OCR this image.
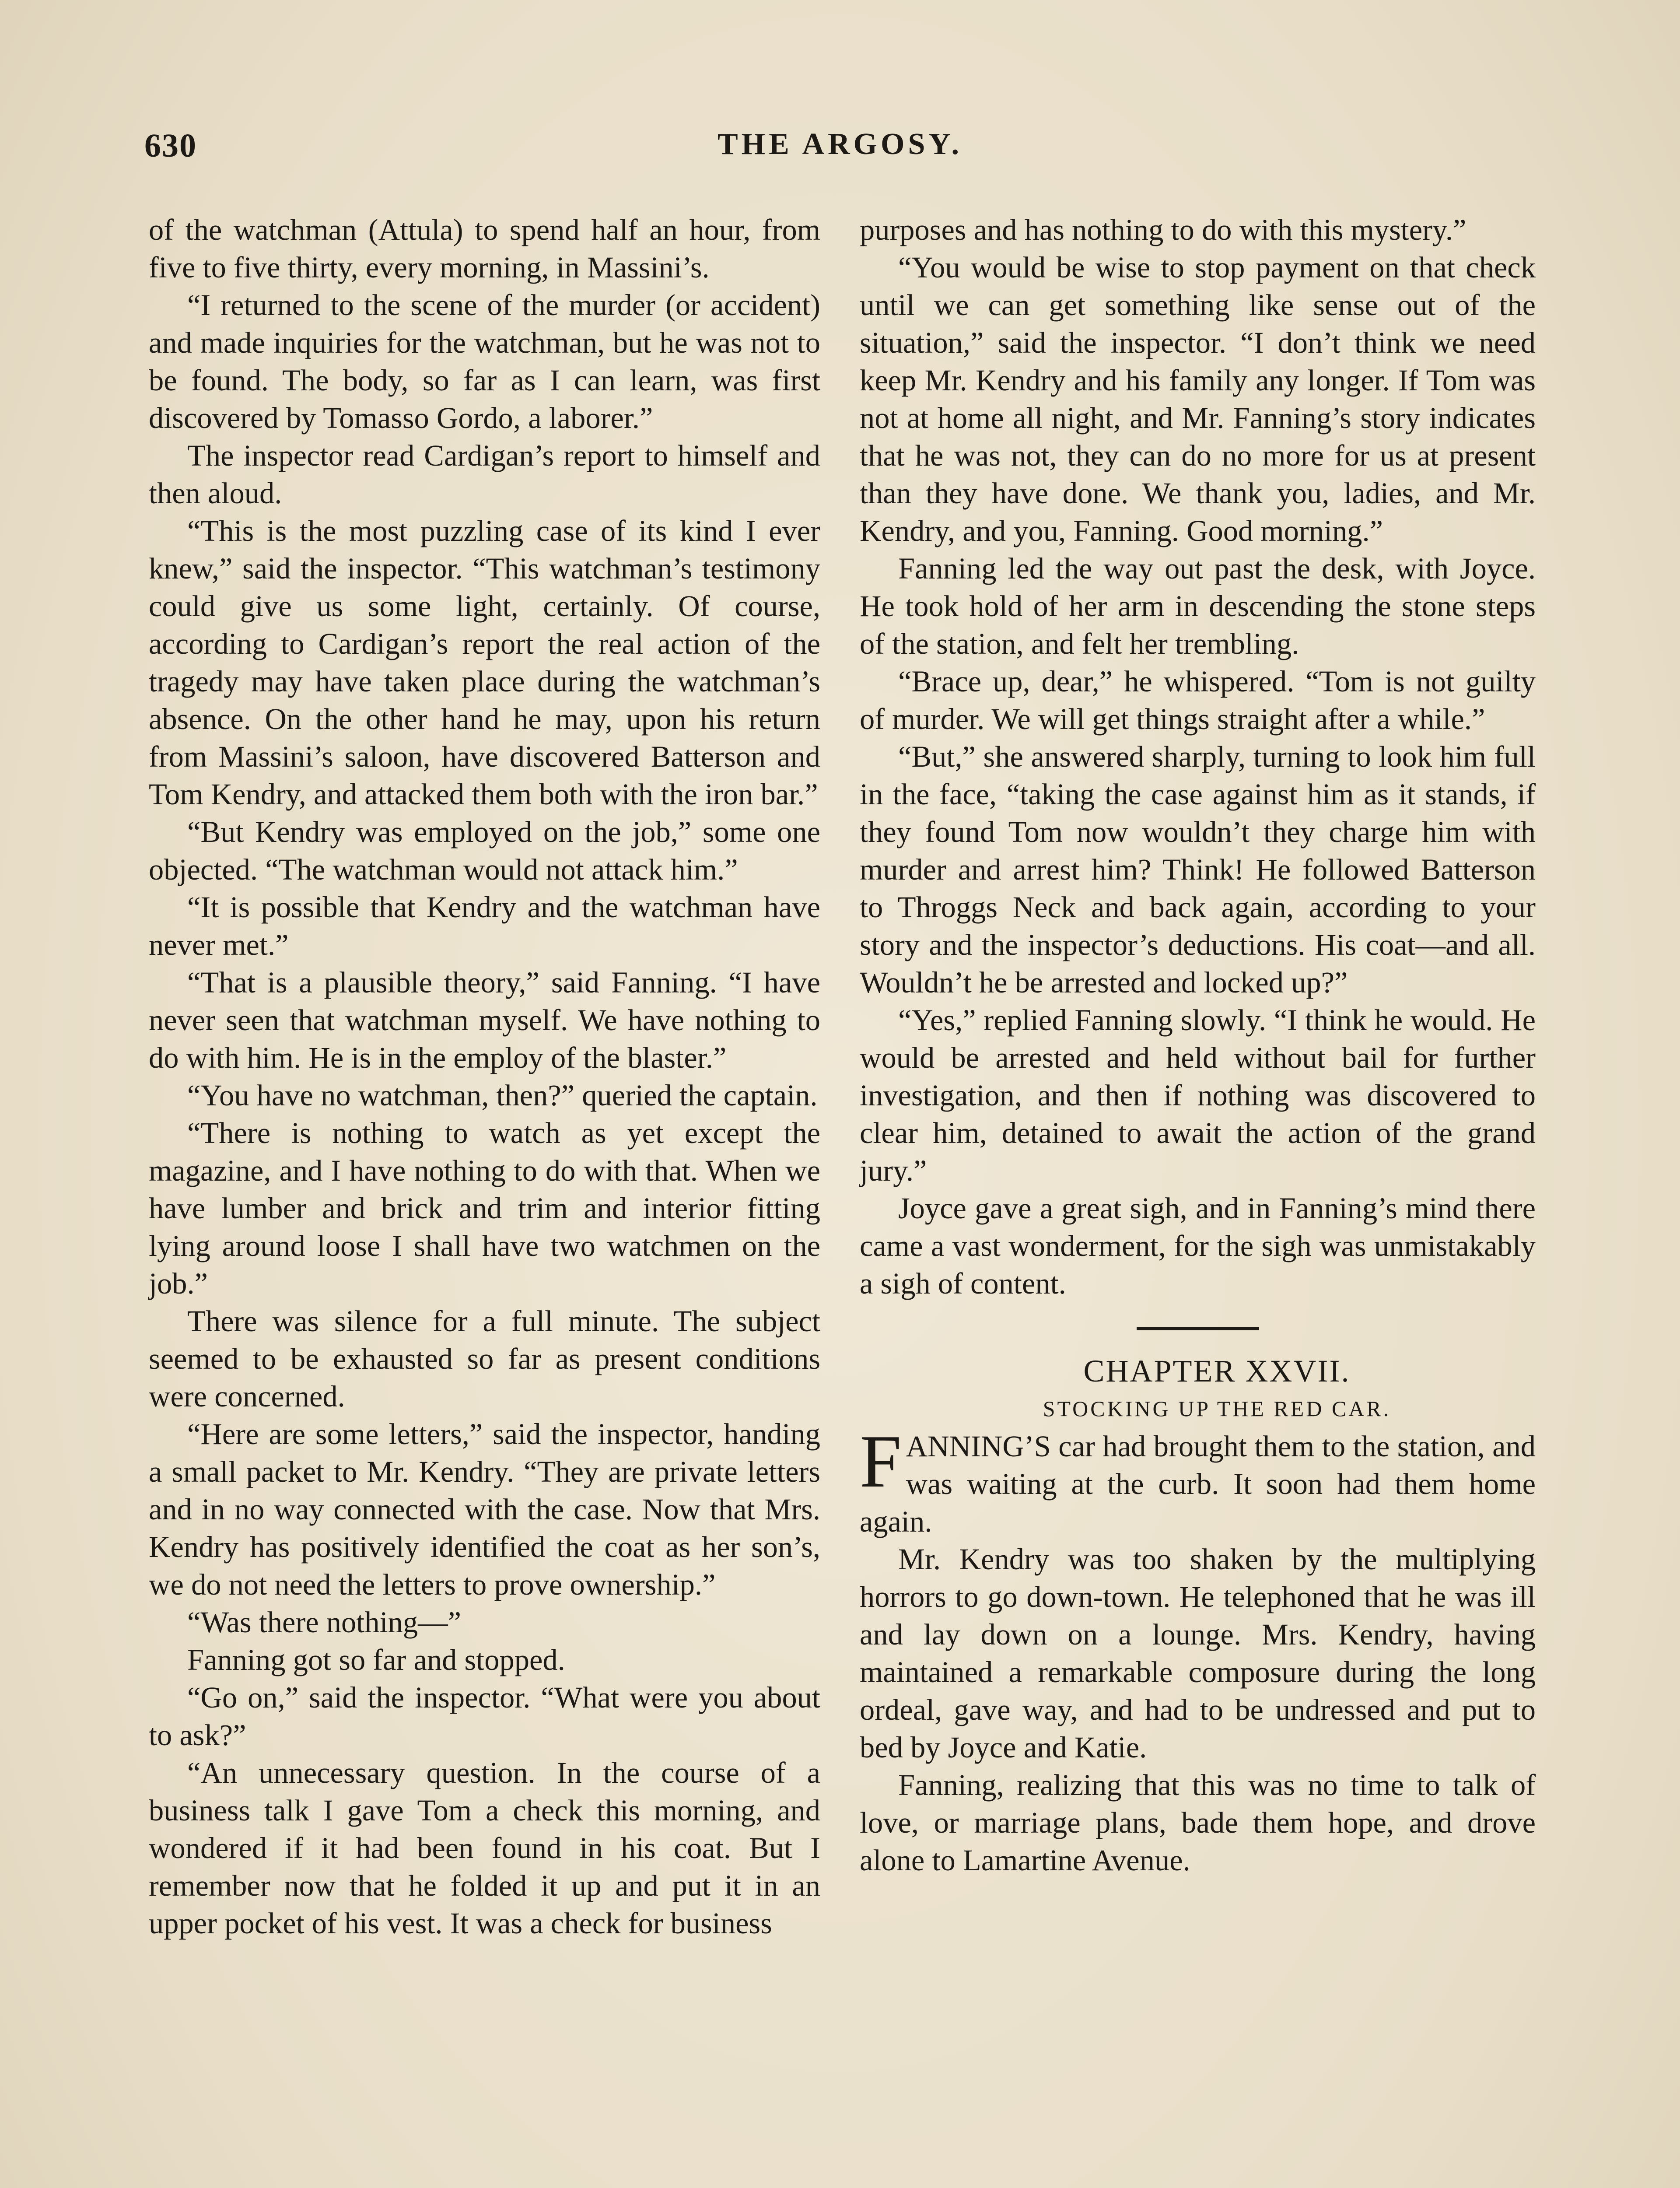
630	THE ARGOSY.

of the watchman (Attula) to spend half an hour, from five to five thirty, every morning, in Massini’s.

“I returned to the scene of the murder (or accident) and made inquiries for the watchman, but he was not to be found. The body, so far as I can learn, was first discovered by Tomasso Gordo, a laborer.”

The inspector read Cardigan’s report to himself and then aloud.

“This is the most puzzling case of its kind I ever knew,” said the inspector. “This watchman’s testimony could give us some light, certainly. Of course, according to Cardigan’s report the real action of the tragedy may have taken place during the watchman’s absence. On the other hand he may, upon his return from Massini’s saloon, have discovered Batterson and Tom Kendry, and attacked them both with the iron bar.”

“But Kendry was employed on the job,” some one objected. “The watchman would not attack him.”

“It is possible that Kendry and the watchman have never met.”

“That is a plausible theory,” said Fanning. “I have never seen that watchman myself. We have nothing to do with him. He is in the employ of the blaster.”

“You have no watchman, then?” queried the captain.

“There is nothing to watch as yet except the magazine, and I have nothing to do with that. When we have lumber and brick and trim and interior fitting lying around loose I shall have two watchmen on the job.”

There was silence for a full minute. The subject seemed to be exhausted so far as present conditions were concerned.

“Here are some letters,” said the inspector, handing a small packet to Mr. Kendry. “They are private letters and in no way connected with the case. Now that Mrs. Kendry has positively identified the coat as her son’s, we do not need the letters to prove ownership.”

“Was there nothing—”

Fanning got so far and stopped.

“Go on,” said the inspector. “What were you about to ask?”

“An unnecessary question. In the course of a business talk I gave Tom a check this morning, and wondered if it had been found in his coat. But I remember now that he folded it up and put it in an upper pocket of his vest. It was a check for business

purposes and has nothing to do with this mystery.”

“You would be wise to stop payment on that check until we can get something like sense out of the situation,” said the inspector. “I don’t think we need keep Mr. Kendry and his family any longer. If Tom was not at home all night, and Mr. Fanning’s story indicates that he was not, they can do no more for us at present than they have done. We thank you, ladies, and Mr. Kendry, and you, Fanning. Good morning.”

Fanning led the way out past the desk, with Joyce. He took hold of her arm in descending the stone steps of the station, and felt her trembling.

“Brace up, dear,” he whispered. “Tom is not guilty of murder. We will get things straight after a while.”

“But,” she answered sharply, turning to look him full in the face, “taking the case against him as it stands, if they found Tom now wouldn’t they charge him with murder and arrest him? Think! He followed Batterson to Throggs Neck and back again, according to your story and the inspector’s deductions. His coat—and all. Wouldn’t he be arrested and locked up?”

“Yes,” replied Fanning slowly. “I think he would. He would be arrested and held without bail for further investigation, and then if nothing was discovered to clear him, detained to await the action of the grand jury.”

Joyce gave a great sigh, and in Fanning’s mind there came a vast wonderment, for the sigh was unmistakably a sigh of content.

CHAPTER XXVII.

STOCKING UP THE RED CAR.

FANNING’S car had brought them to the station, and was waiting at the curb. It soon had them home again.

Mr. Kendry was too shaken by the multiplying horrors to go down-town. He telephoned that he was ill and lay down on a lounge. Mrs. Kendry, having maintained a remarkable composure during the long ordeal, gave way, and had to be undressed and put to bed by Joyce and Katie.

Fanning, realizing that this was no time to talk of love, or marriage plans, bade them hope, and drove alone to Lamartine Avenue.
